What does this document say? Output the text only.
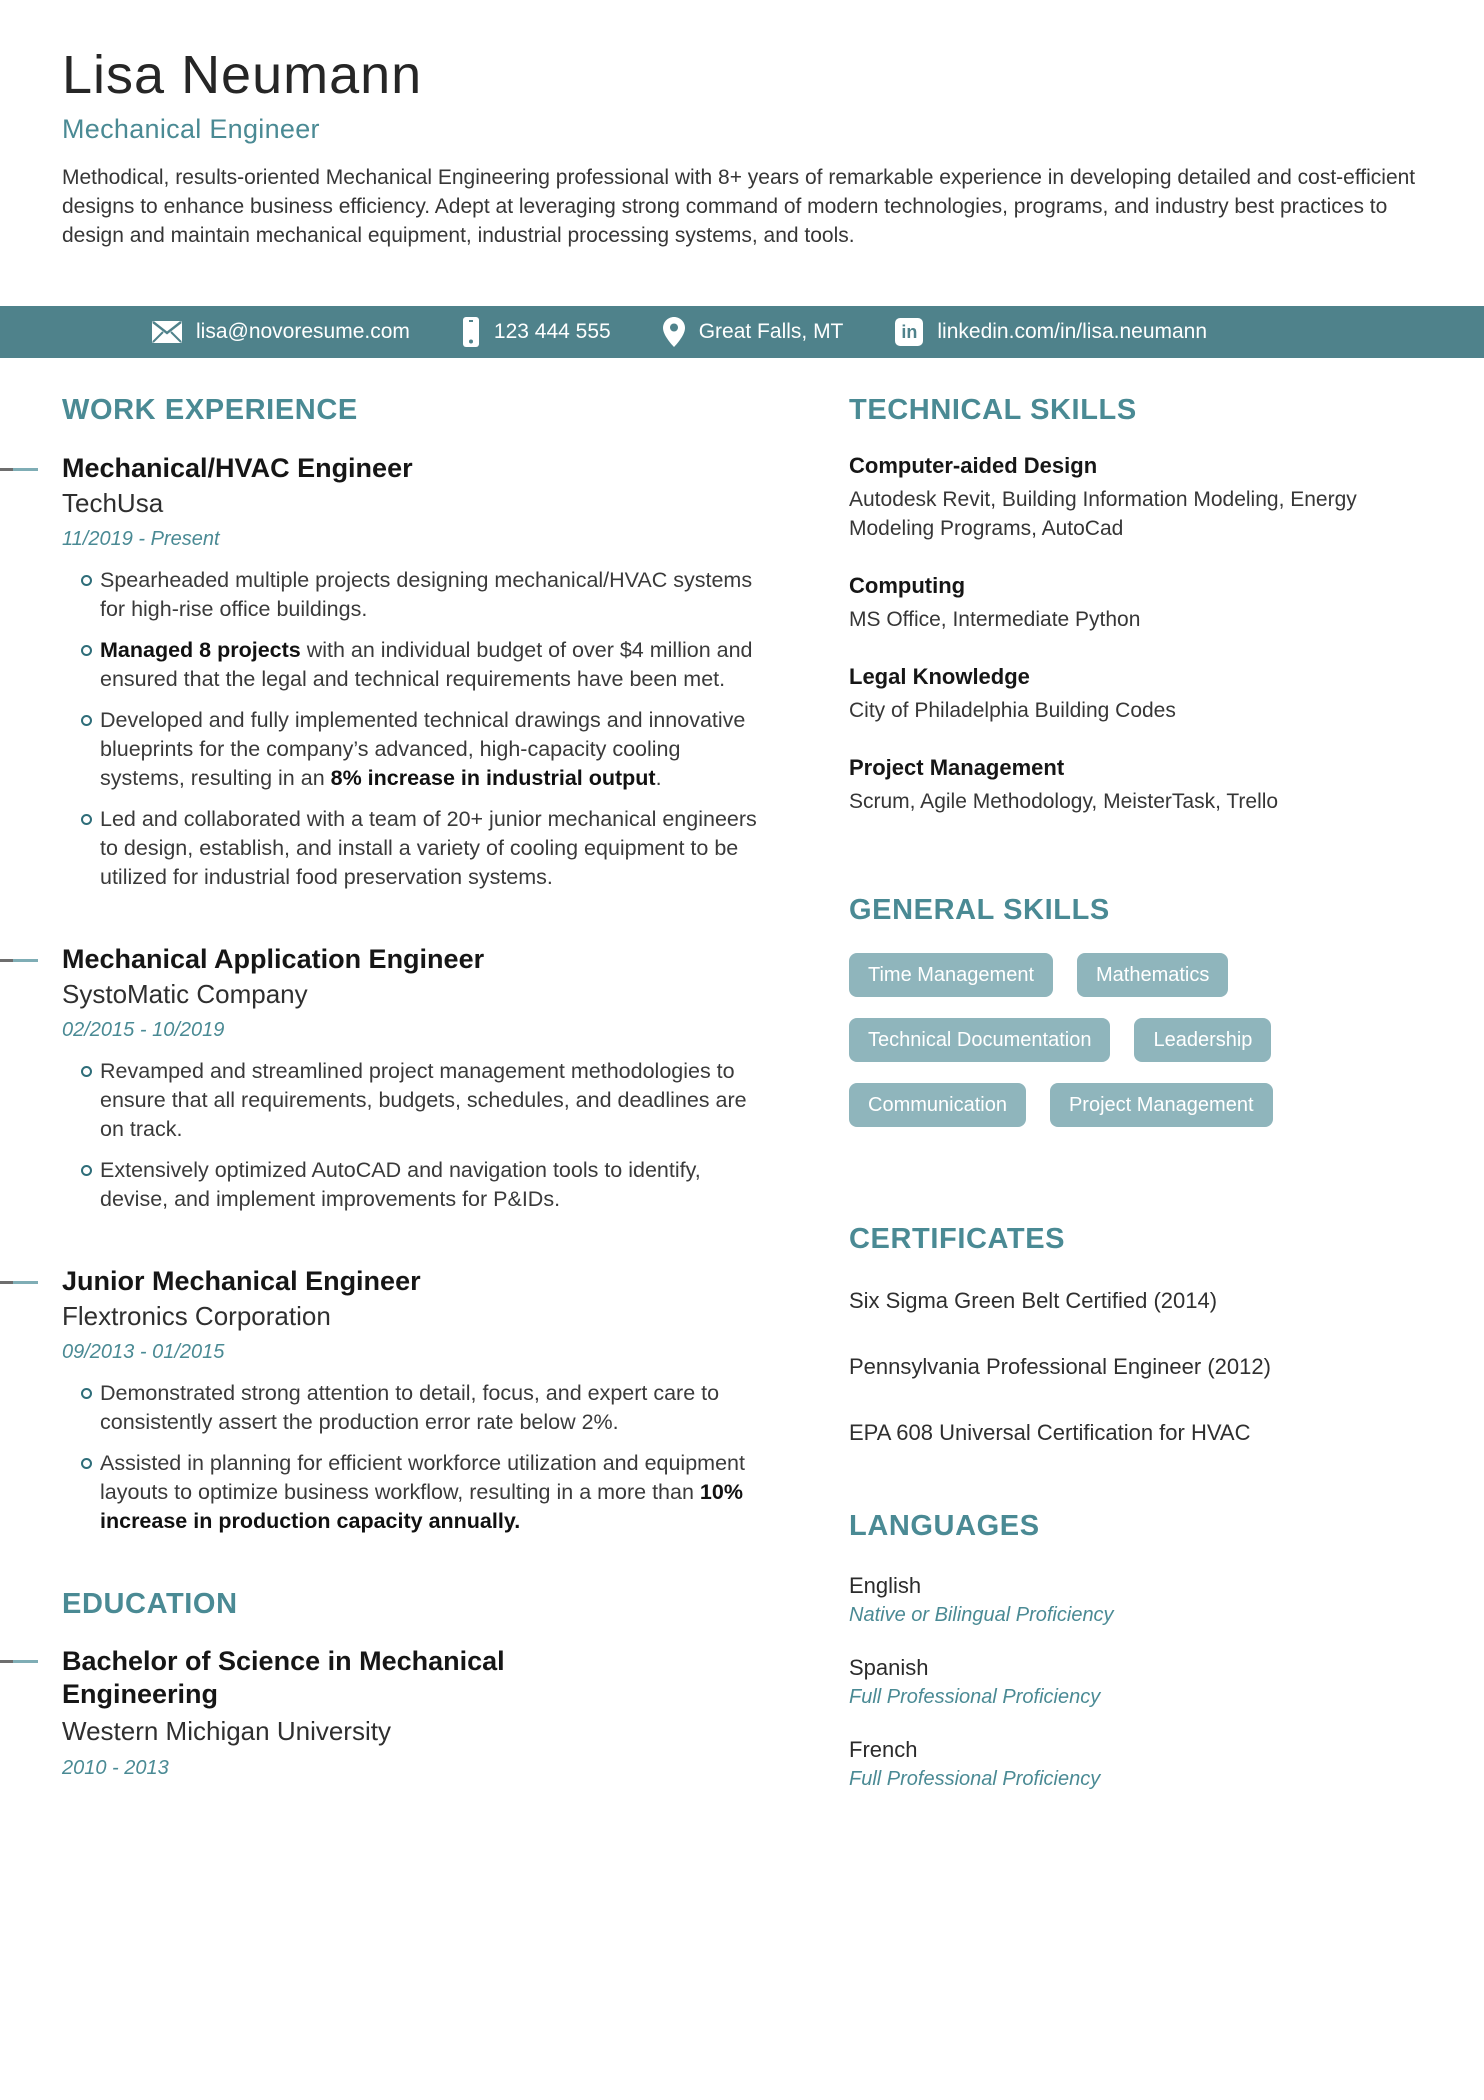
Lisa Neumann
Mechanical Engineer
Methodical, results-oriented Mechanical Engineering professional with 8+ years of remarkable experience in developing detailed and cost-efficient designs to enhance business efficiency. Adept at leveraging strong command of modern technologies, programs, and industry best practices to design and maintain mechanical equipment, industrial processing systems, and tools.
lisa@novoresume.com	123 444 555	Great Falls, MT	in linkedin.com/in/lisa.neumann
WORK EXPERIENCE
Mechanical/HVAC Engineer
TechUsa
11/2019 - Present
Spearheaded multiple projects designing mechanical/HVAC systems for high-rise office buildings.
Managed 8 projects with an individual budget of over $4 million and ensured that the legal and technical requirements have been met.
Developed and fully implemented technical drawings and innovative blueprints for the company’s advanced, high-capacity cooling systems, resulting in an 8% increase in industrial output.
Led and collaborated with a team of 20+ junior mechanical engineers to design, establish, and install a variety of cooling equipment to be utilized for industrial food preservation systems.
Mechanical Application Engineer
SystoMatic Company
02/2015 - 10/2019
Revamped and streamlined project management methodologies to ensure that all requirements, budgets, schedules, and deadlines are on track.
Extensively optimized AutoCAD and navigation tools to identify, devise, and implement improvements for P&IDs.
Junior Mechanical Engineer
Flextronics Corporation
09/2013 - 01/2015
Demonstrated strong attention to detail, focus, and expert care to consistently assert the production error rate below 2%.
Assisted in planning for efficient workforce utilization and equipment layouts to optimize business workflow, resulting in a more than 10% increase in production capacity annually.
EDUCATION
Bachelor of Science in Mechanical Engineering
Western Michigan University
2010 - 2013
TECHNICAL SKILLS
Computer-aided Design
Autodesk Revit, Building Information Modeling, Energy Modeling Programs, AutoCad
Computing
MS Office, Intermediate Python
Legal Knowledge
City of Philadelphia Building Codes
Project Management
Scrum, Agile Methodology, MeisterTask, Trello
GENERAL SKILLS
Time Management	Mathematics
Technical Documentation	Leadership
Communication	Project Management
CERTIFICATES
Six Sigma Green Belt Certified (2014)
Pennsylvania Professional Engineer (2012)
EPA 608 Universal Certification for HVAC
LANGUAGES
English
Native or Bilingual Proficiency
Spanish
Full Professional Proficiency
French
Full Professional Proficiency
